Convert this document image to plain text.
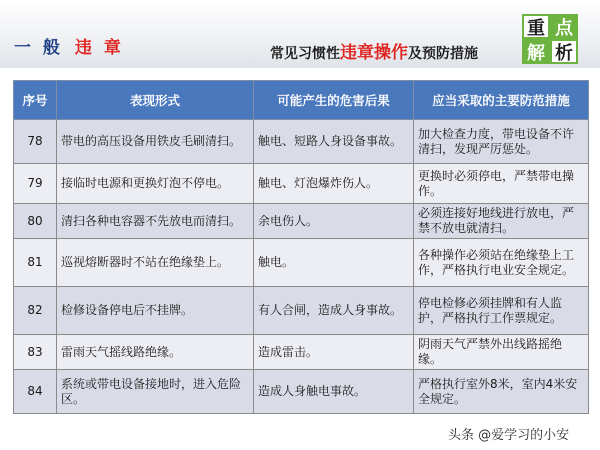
一 般 违 章	常见习惯性 违章操作 及预防措施
重 点
解 析
序号	表现形式	可能产生的危害后果	应当采取的主要防范措施
78	带电的高压设备用铁皮毛刷清扫。	触电、短路人身设备事故。	加大检查力度，带电设备不许清扫，发现严厉惩处。
79	接临时电源和更换灯泡不停电。	触电、灯泡爆炸伤人。	更换时必须停电，严禁带电操作。
80	清扫各种电容器不先放电而清扫。	余电伤人。	必须连接好地线进行放电，严禁不放电就清扫。
81	巡视熔断器时不站在绝缘垫上。	触电。	各种操作必须站在绝缘垫上工作，严格执行电业安全规定。
82	检修设备停电后不挂牌。	有人合闸，造成人身事故。	停电检修必须挂牌和有人监护，严格执行工作票规定。
83	雷雨天气摇线路绝缘。	造成雷击。	阴雨天气严禁外出线路摇绝缘。
84	系统或带电设备接地时，进入危险区。	造成人身触电事故。	严格执行室外8米，室内4米安全规定。
头条 @爱学习的小安
